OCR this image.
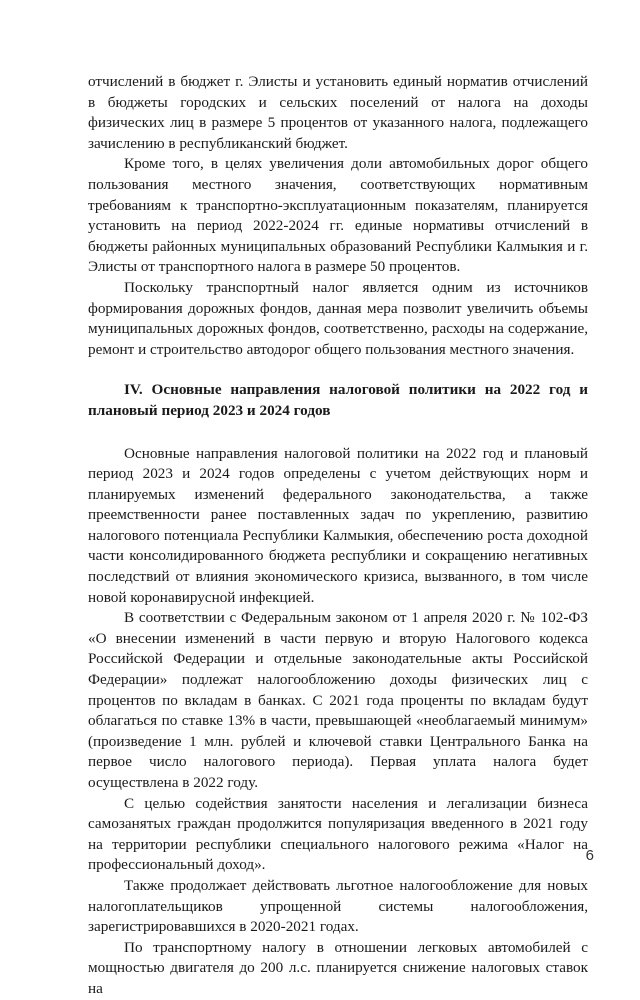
отчислений в бюджет г. Элисты и установить единый норматив отчислений в бюджеты городских и сельских поселений от налога на доходы физических лиц в размере 5 процентов от указанного налога, подлежащего зачислению в республиканский бюджет.

Кроме того, в целях увеличения доли автомобильных дорог общего пользования местного значения, соответствующих нормативным требованиям к транспортно-эксплуатационным показателям, планируется установить на период 2022-2024 гг. единые нормативы отчислений в бюджеты районных муниципальных образований Республики Калмыкия и г. Элисты от транспортного налога в размере 50 процентов.

Поскольку транспортный налог является одним из источников формирования дорожных фондов, данная мера позволит увеличить объемы муниципальных дорожных фондов, соответственно, расходы на содержание, ремонт и строительство автодорог общего пользования местного значения.

IV. Основные направления налоговой политики на 2022 год и плановый период 2023 и 2024 годов

Основные направления налоговой политики на 2022 год и плановый период 2023 и 2024 годов определены с учетом действующих норм и планируемых изменений федерального законодательства, а также преемственности ранее поставленных задач по укреплению, развитию налогового потенциала Республики Калмыкия, обеспечению роста доходной части консолидированного бюджета республики и сокращению негативных последствий от влияния экономического кризиса, вызванного, в том числе новой коронавирусной инфекцией.

В соответствии с Федеральным законом от 1 апреля 2020 г. № 102-ФЗ «О внесении изменений в части первую и вторую Налогового кодекса Российской Федерации и отдельные законодательные акты Российской Федерации» подлежат налогообложению доходы физических лиц с процентов по вкладам в банках. С 2021 года проценты по вкладам будут облагаться по ставке 13% в части, превышающей «необлагаемый минимум» (произведение 1 млн. рублей и ключевой ставки Центрального Банка на первое число налогового периода). Первая уплата налога будет осуществлена в 2022 году.

С целью содействия занятости населения и легализации бизнеса самозанятых граждан продолжится популяризация введенного в 2021 году на территории республики специального налогового режима «Налог на профессиональный доход».

Также продолжает действовать льготное налогообложение для новых налогоплательщиков упрощенной системы налогообложения, зарегистрировавшихся в 2020-2021 годах.

По транспортному налогу в отношении легковых автомобилей с мощностью двигателя до 200 л.с. планируется снижение налоговых ставок на

6
